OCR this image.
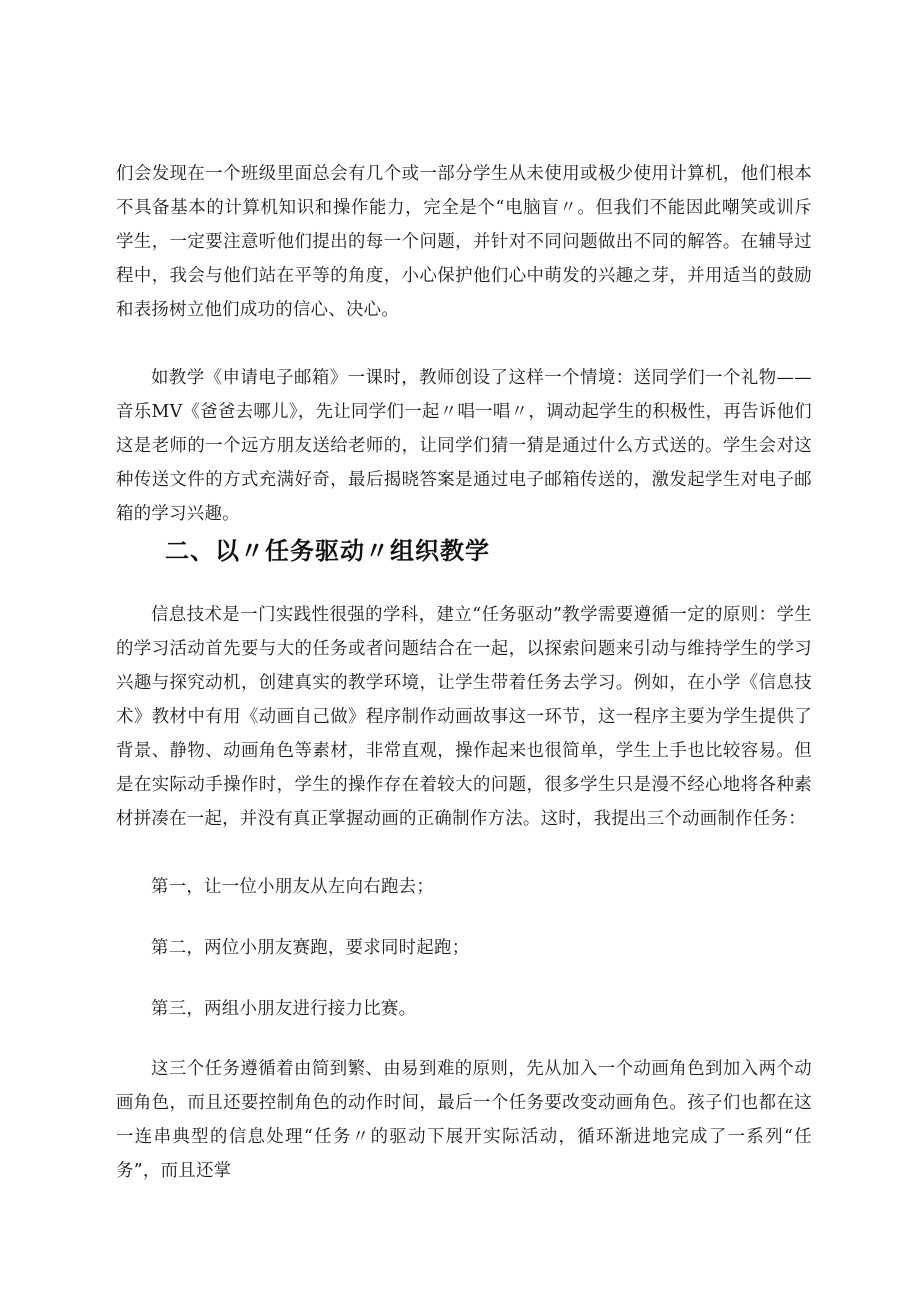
们会发现在一个班级里面总会有几个或一部分学生从未使用或极少使用计算机，他们根本不具备基本的计算机知识和操作能力，完全是个“电脑盲〃。但我们不能因此嘲笑或训斥学生，一定要注意听他们提出的每一个问题，并针对不同问题做出不同的解答。在辅导过程中，我会与他们站在平等的角度，小心保护他们心中萌发的兴趣之芽，并用适当的鼓励和表扬树立他们成功的信心、决心。

如教学《申请电子邮箱》一课时，教师创设了这样一个情境：送同学们一个礼物——音乐MV《爸爸去哪儿》，先让同学们一起〃唱一唱〃，调动起学生的积极性，再告诉他们这是老师的一个远方朋友送给老师的，让同学们猜一猜是通过什么方式送的。学生会对这种传送文件的方式充满好奇，最后揭晓答案是通过电子邮箱传送的，激发起学生对电子邮箱的学习兴趣。

二、以〃任务驱动〃组织教学

信息技术是一门实践性很强的学科，建立“任务驱动”教学需要遵循一定的原则：学生的学习活动首先要与大的任务或者问题结合在一起，以探索问题来引动与维持学生的学习兴趣与探究动机，创建真实的教学环境，让学生带着任务去学习。例如，在小学《信息技术》教材中有用《动画自己做》程序制作动画故事这一环节，这一程序主要为学生提供了背景、静物、动画角色等素材，非常直观，操作起来也很简单，学生上手也比较容易。但是在实际动手操作时，学生的操作存在着较大的问题，很多学生只是漫不经心地将各种素材拼凑在一起，并没有真正掌握动画的正确制作方法。这时，我提出三个动画制作任务：

第一，让一位小朋友从左向右跑去；

第二，两位小朋友赛跑，要求同时起跑；

第三，两组小朋友进行接力比赛。

这三个任务遵循着由简到繁、由易到难的原则，先从加入一个动画角色到加入两个动画角色，而且还要控制角色的动作时间，最后一个任务要改变动画角色。孩子们也都在这一连串典型的信息处理“任务〃的驱动下展开实际活动，循环渐进地完成了一系列“任务”，而且还掌
